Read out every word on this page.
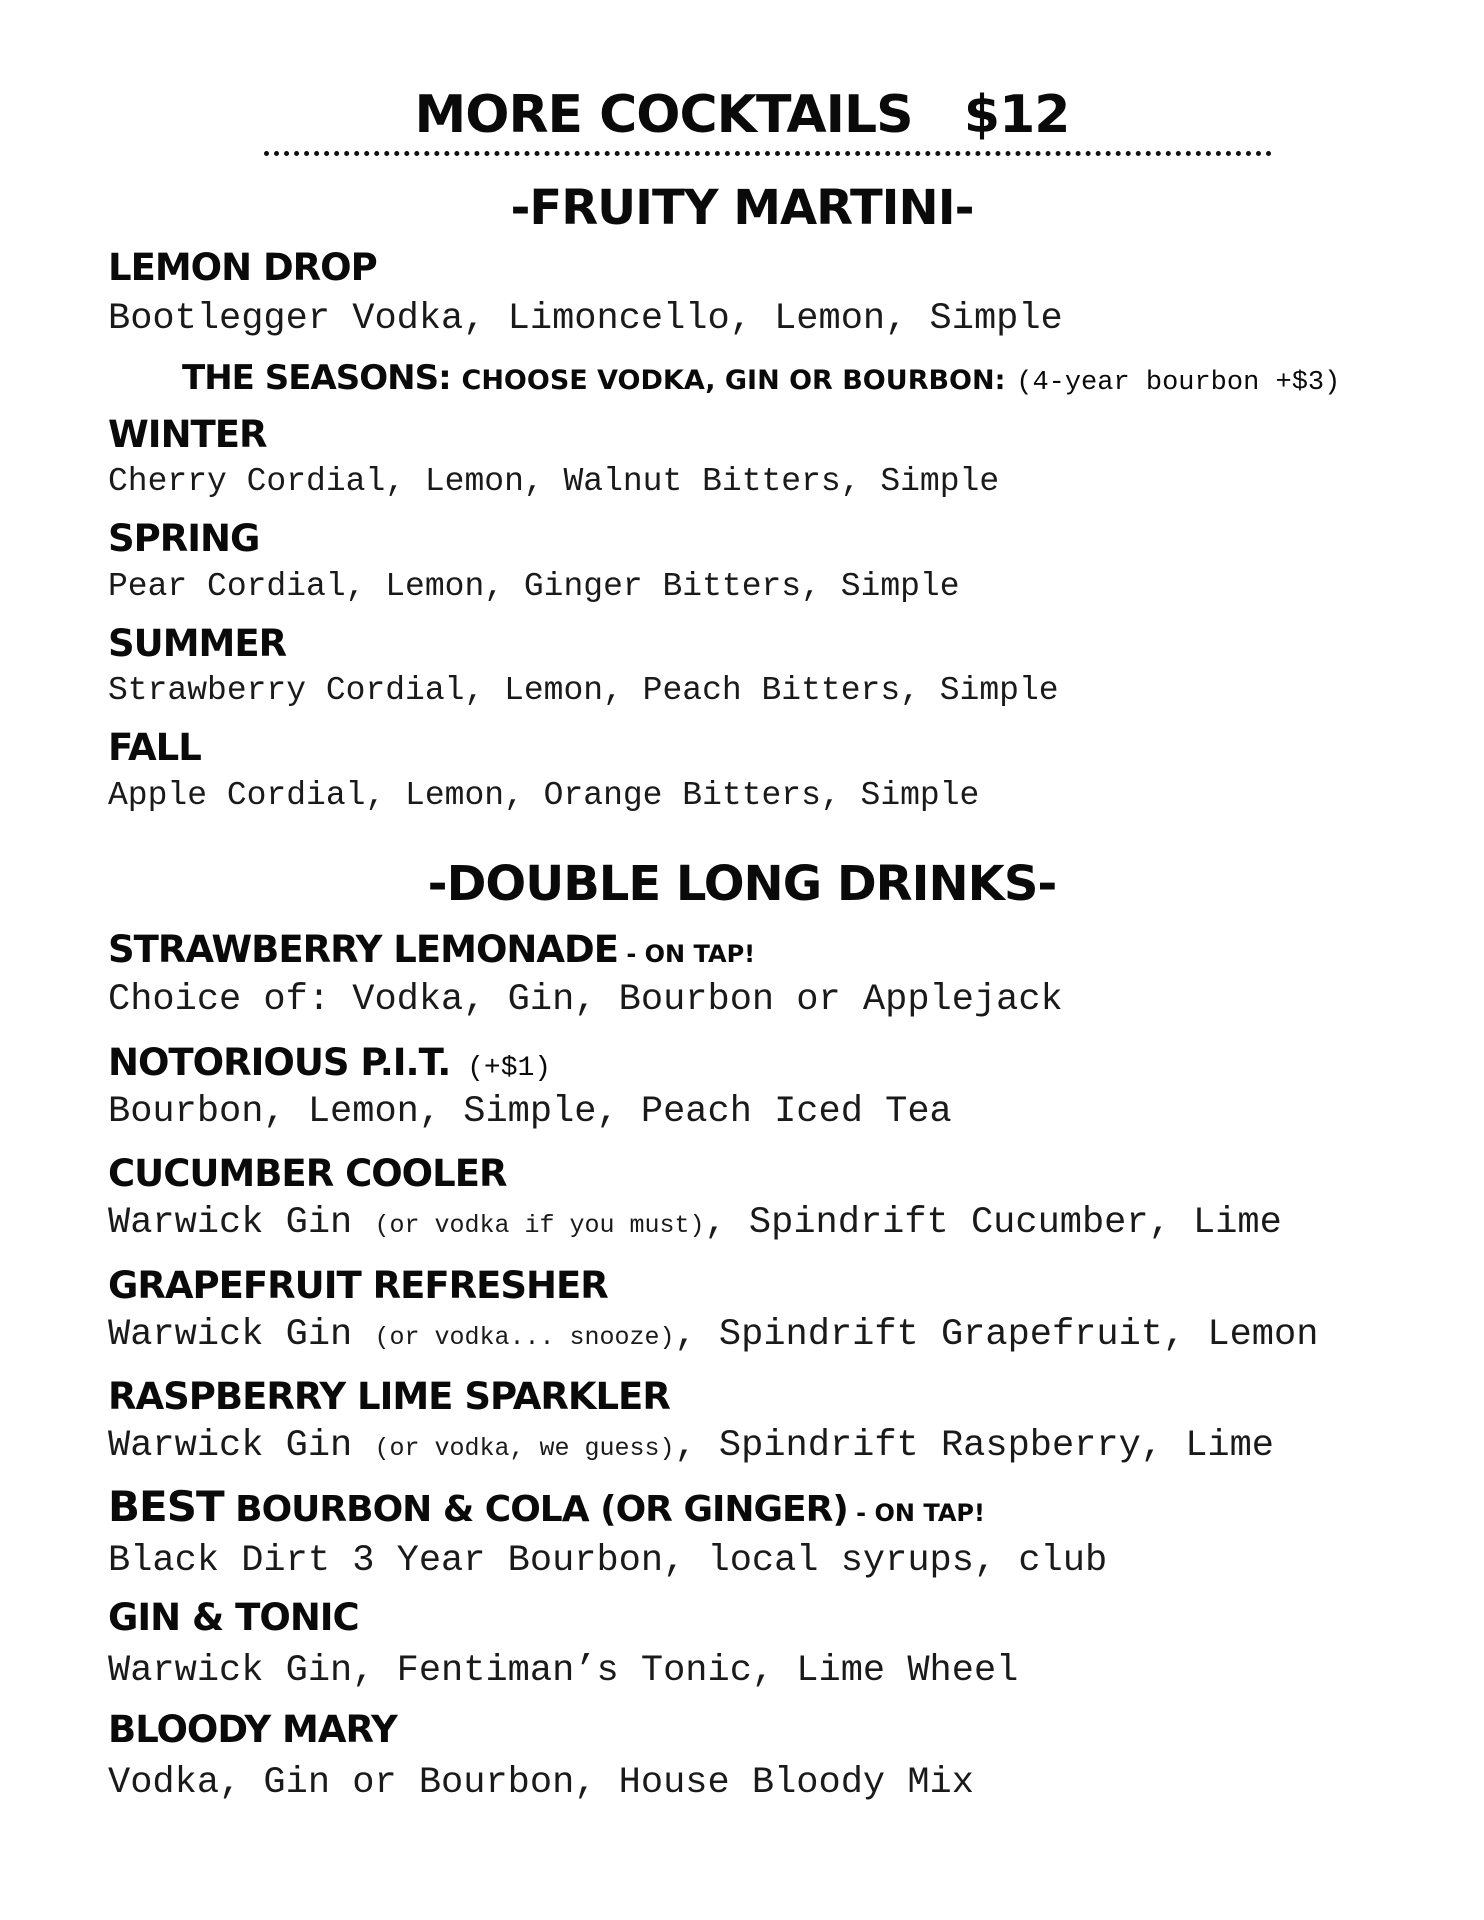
MORE COCKTAILS $12
-FRUITY MARTINI-
LEMON DROP
Bootlegger Vodka, Limoncello, Lemon, Simple
THE SEASONS: CHOOSE VODKA, GIN OR BOURBON: (4-year bourbon +$3)
WINTER
Cherry Cordial, Lemon, Walnut Bitters, Simple
SPRING
Pear Cordial, Lemon, Ginger Bitters, Simple
SUMMER
Strawberry Cordial, Lemon, Peach Bitters, Simple
FALL
Apple Cordial, Lemon, Orange Bitters, Simple
-DOUBLE LONG DRINKS-
STRAWBERRY LEMONADE - ON TAP!
Choice of: Vodka, Gin, Bourbon or Applejack
NOTORIOUS P.I.T. (+$1)
Bourbon, Lemon, Simple, Peach Iced Tea
CUCUMBER COOLER
Warwick Gin (or vodka if you must), Spindrift Cucumber, Lime
GRAPEFRUIT REFRESHER
Warwick Gin (or vodka... snooze), Spindrift Grapefruit, Lemon
RASPBERRY LIME SPARKLER
Warwick Gin (or vodka, we guess), Spindrift Raspberry, Lime
BEST BOURBON & COLA (OR GINGER) - ON TAP!
Black Dirt 3 Year Bourbon, local syrups, club
GIN & TONIC
Warwick Gin, Fentiman’s Tonic, Lime Wheel
BLOODY MARY
Vodka, Gin or Bourbon, House Bloody Mix
